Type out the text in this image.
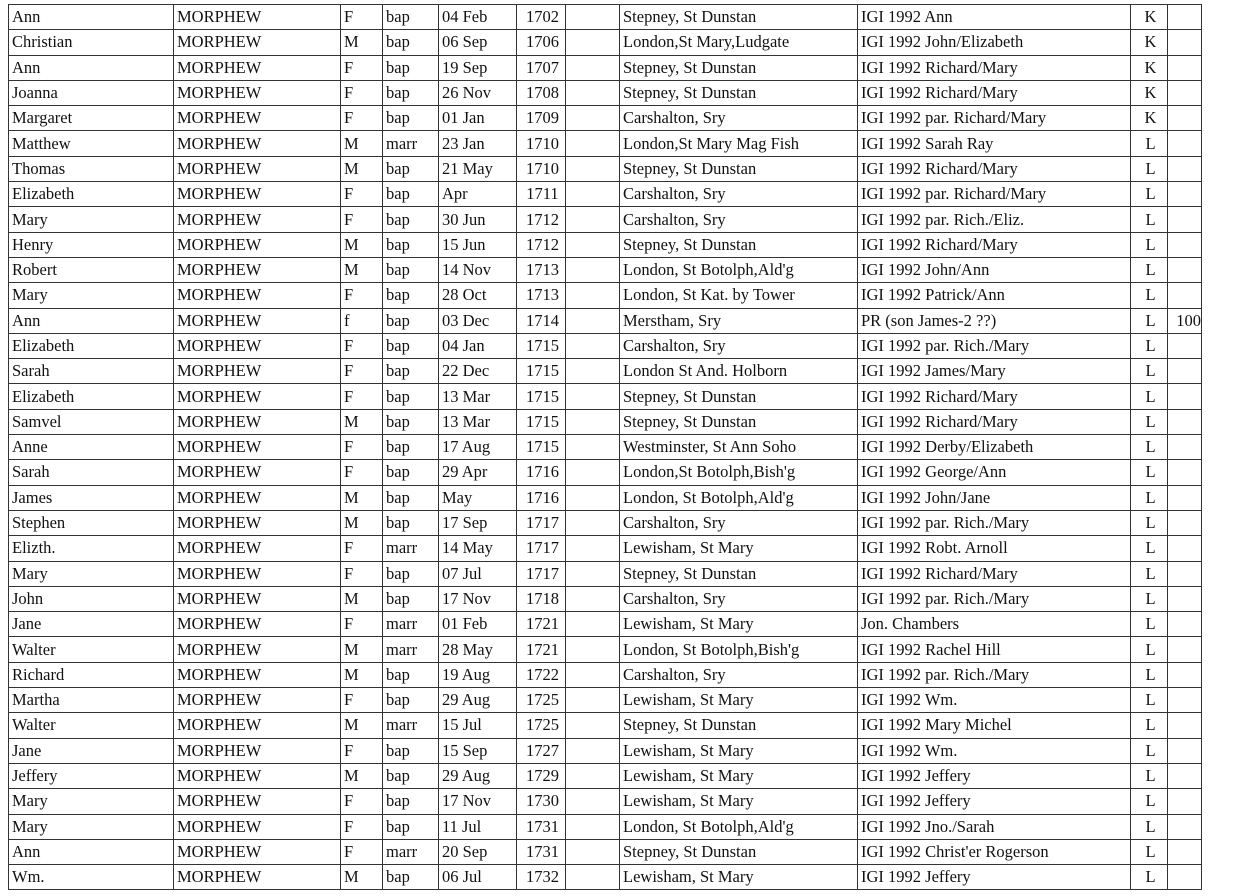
Ann	MORPHEW	F	bap	04 Feb	1702		Stepney, St Dunstan	IGI 1992 Ann	K	
Christian	MORPHEW	M	bap	06 Sep	1706		London,St Mary,Ludgate	IGI 1992 John/Elizabeth	K	
Ann	MORPHEW	F	bap	19 Sep	1707		Stepney, St Dunstan	IGI 1992 Richard/Mary	K	
Joanna	MORPHEW	F	bap	26 Nov	1708		Stepney, St Dunstan	IGI 1992 Richard/Mary	K	
Margaret	MORPHEW	F	bap	01 Jan	1709		Carshalton, Sry	IGI 1992 par. Richard/Mary	K	
Matthew	MORPHEW	M	marr	23 Jan	1710		London,St Mary Mag Fish	IGI 1992 Sarah Ray	L	
Thomas	MORPHEW	M	bap	21 May	1710		Stepney, St Dunstan	IGI 1992 Richard/Mary	L	
Elizabeth	MORPHEW	F	bap	Apr	1711		Carshalton, Sry	IGI 1992 par. Richard/Mary	L	
Mary	MORPHEW	F	bap	30 Jun	1712		Carshalton, Sry	IGI 1992 par. Rich./Eliz.	L	
Henry	MORPHEW	M	bap	15 Jun	1712		Stepney, St Dunstan	IGI 1992 Richard/Mary	L	
Robert	MORPHEW	M	bap	14 Nov	1713		London, St Botolph,Ald'g	IGI 1992 John/Ann	L	
Mary	MORPHEW	F	bap	28 Oct	1713		London, St Kat. by Tower	IGI 1992 Patrick/Ann	L	
Ann	MORPHEW	f	bap	03 Dec	1714		Merstham, Sry	PR (son James-2 ??)	L	100
Elizabeth	MORPHEW	F	bap	04 Jan	1715		Carshalton, Sry	IGI 1992 par. Rich./Mary	L	
Sarah	MORPHEW	F	bap	22 Dec	1715		London St And. Holborn	IGI 1992 James/Mary	L	
Elizabeth	MORPHEW	F	bap	13 Mar	1715		Stepney, St Dunstan	IGI 1992 Richard/Mary	L	
Samvel	MORPHEW	M	bap	13 Mar	1715		Stepney, St Dunstan	IGI 1992 Richard/Mary	L	
Anne	MORPHEW	F	bap	17 Aug	1715		Westminster, St Ann Soho	IGI 1992 Derby/Elizabeth	L	
Sarah	MORPHEW	F	bap	29 Apr	1716		London,St Botolph,Bish'g	IGI 1992 George/Ann	L	
James	MORPHEW	M	bap	May	1716		London, St Botolph,Ald'g	IGI 1992 John/Jane	L	
Stephen	MORPHEW	M	bap	17 Sep	1717		Carshalton, Sry	IGI 1992 par. Rich./Mary	L	
Elizth.	MORPHEW	F	marr	14 May	1717		Lewisham, St Mary	IGI 1992 Robt. Arnoll	L	
Mary	MORPHEW	F	bap	07 Jul	1717		Stepney, St Dunstan	IGI 1992 Richard/Mary	L	
John	MORPHEW	M	bap	17 Nov	1718		Carshalton, Sry	IGI 1992 par. Rich./Mary	L	
Jane	MORPHEW	F	marr	01 Feb	1721		Lewisham, St Mary	Jon. Chambers	L	
Walter	MORPHEW	M	marr	28 May	1721		London, St Botolph,Bish'g	IGI 1992 Rachel Hill	L	
Richard	MORPHEW	M	bap	19 Aug	1722		Carshalton, Sry	IGI 1992 par. Rich./Mary	L	
Martha	MORPHEW	F	bap	29 Aug	1725		Lewisham, St Mary	IGI 1992 Wm.	L	
Walter	MORPHEW	M	marr	15 Jul	1725		Stepney, St Dunstan	IGI 1992 Mary Michel	L	
Jane	MORPHEW	F	bap	15 Sep	1727		Lewisham, St Mary	IGI 1992 Wm.	L	
Jeffery	MORPHEW	M	bap	29 Aug	1729		Lewisham, St Mary	IGI 1992 Jeffery	L	
Mary	MORPHEW	F	bap	17 Nov	1730		Lewisham, St Mary	IGI 1992 Jeffery	L	
Mary	MORPHEW	F	bap	11 Jul	1731		London, St Botolph,Ald'g	IGI 1992 Jno./Sarah	L	
Ann	MORPHEW	F	marr	20 Sep	1731		Stepney, St Dunstan	IGI 1992 Christ'er Rogerson	L	
Wm.	MORPHEW	M	bap	06 Jul	1732		Lewisham, St Mary	IGI 1992 Jeffery	L	
